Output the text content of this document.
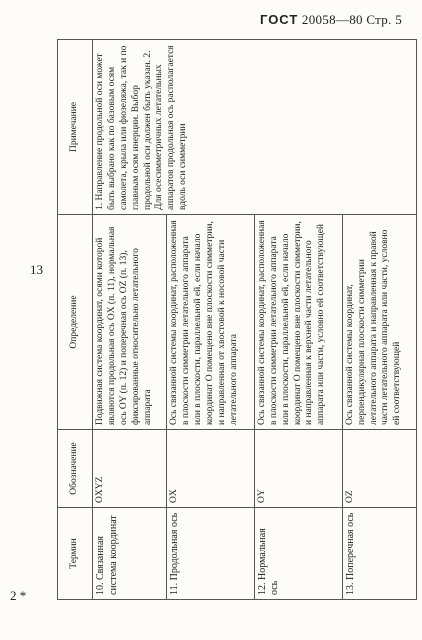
ГОСТ 20058—80 Стр. 5
13
2 *
Термин	Обозначение	Определение	Примечание
10. Связанная система координат	OXYZ	Подвижная система координат, осями которой являются продольная ось OX (п. 11), нормальная ось OY (п. 12) и поперечная ось OZ (п. 13), фиксированные относительно летательного аппарата	1. Направление продольной оси может быть выбрано как по базовым осям самолета, крыла или фюзеляжа, так и по главным осям инерции. Выбор продольной оси должен быть указан. 2. Для осесимметричных летательных аппаратов продольная ось располагается вдоль оси симметрии
11. Продольная ось	OX	Ось связанной системы координат, расположенная в плоскости симметрии летательного аппарата или в плоскости, параллельной ей, если начало координат О помещено вне плоскости симметрии, и направленная от хвостовой к носовой части летательного аппарата	
12. Нормальная ось	OY	Ось связанной системы координат, расположенная в плоскости симметрии летательного аппарата или в плоскости, параллельной ей, если начало координат О помещено вне плоскости симметрии, и направленная к верхней части летательного аппарата или части, условно ей соответствующей	
13. Поперечная ось	OZ	Ось связанной системы координат, перпендикулярная плоскости симметрии летательного аппарата и направленная к правой части летательного аппарата или части, условно ей соответствующей	
